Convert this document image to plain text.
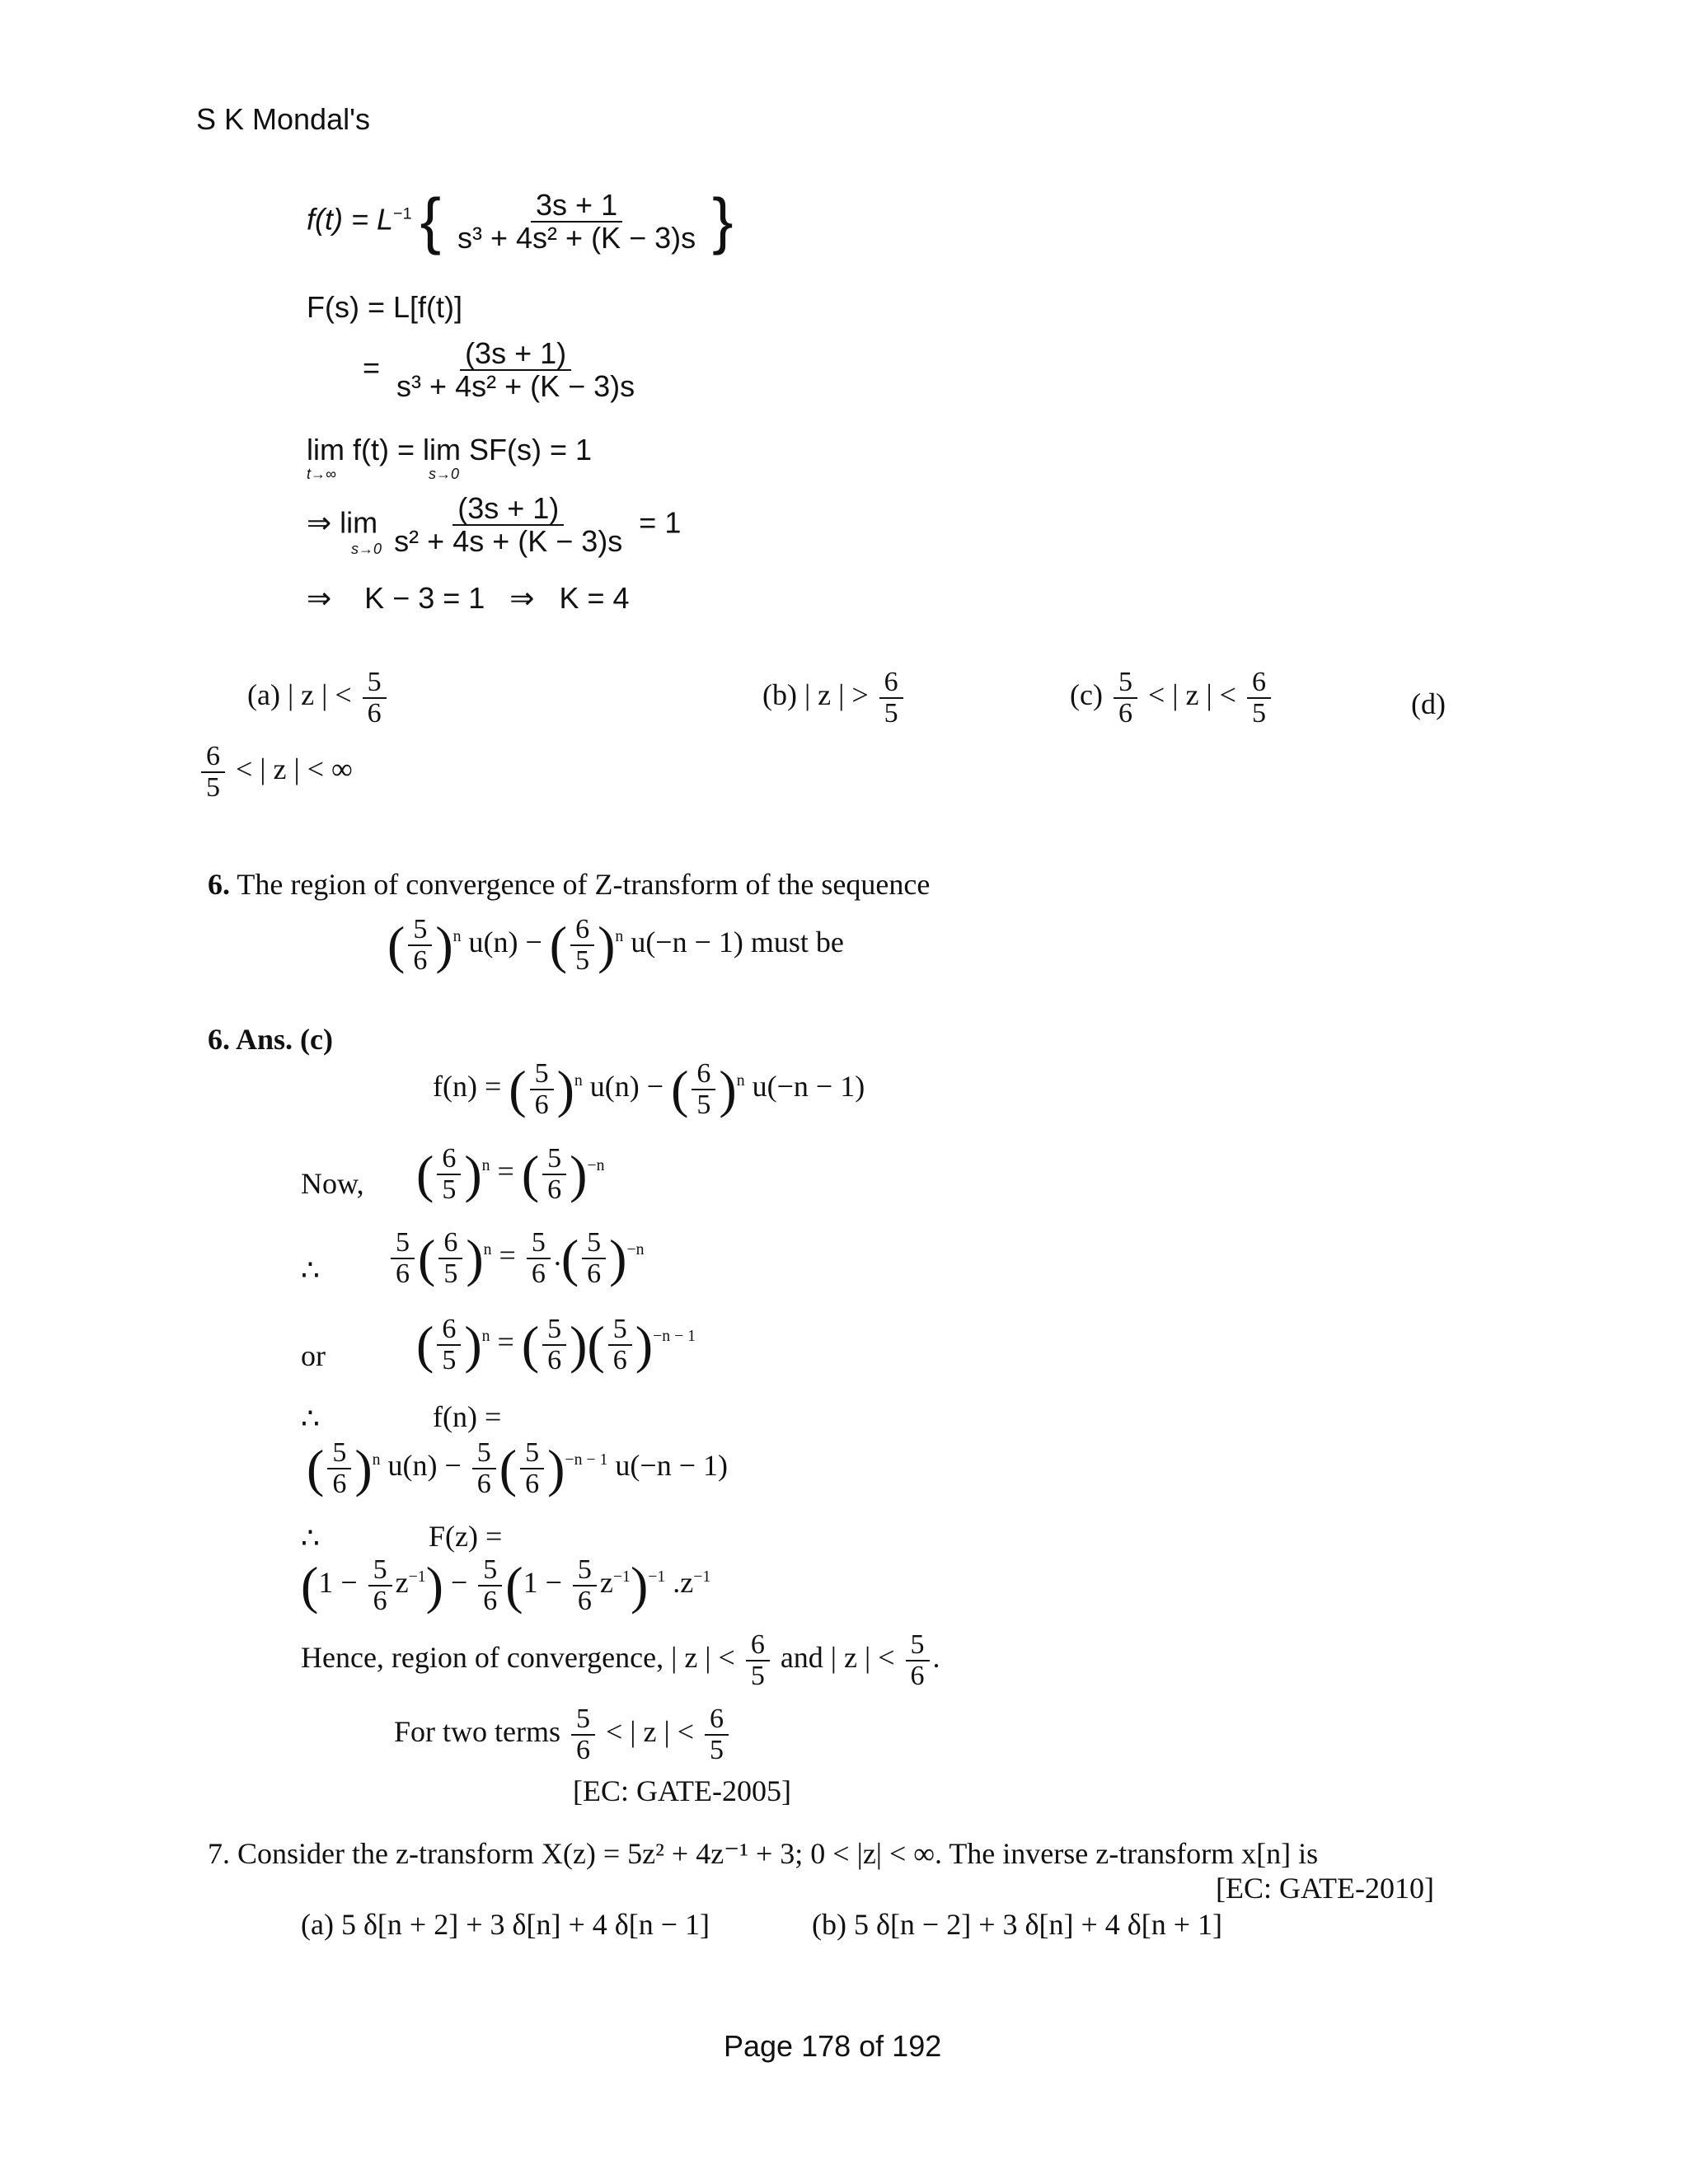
S K Mondal's
$f(t) = L^{-1}$ { $\frac{3s + 1}{\text{s³ + 4s² + (K − 3)s}}$ }
F(s) = L[f(t)]
= $\frac{(3s + 1)}{\text{s³ + 4s² + (K − 3)s}}$
lim f(t) = lim SF(s) = 1
t→∞	s→0
⇒ $\lim \frac{(3s + 1)}{\text{s² + 4s + (K − 3)s}} = 1$
s→0
⇒    K − 3 = 1   ⇒   K = 4
(a) | z | < $\frac{5}{6}$	(b) | z | > $\frac{6}{5}$	$(c) \frac{5}{6}$ < | z | < $\frac{6}{5}$	(d)
$\frac{6}{5}$ < | z | < ∞
6. The region of convergence of Z-transform of the sequence
( $\frac{5}{6} )^n$ u(n) − ( $\frac{6}{5} )^n$ u(−n − 1) must be
6. Ans. (c)
f(n) = ( $\frac{5}{6} )^n$ u(n) − ( $\frac{6}{5} )^n$ u(−n − 1)
Now, ( $\frac{6}{5} )^n$ = ( $\frac{5}{6} )^{-n}$
∴	$\frac{5}{6}$ ( $\frac{6}{5} )^n = \frac{5}{6}$ .( $\frac{5}{6} )^{-n}$
or ( $\frac{6}{5} )^n$ = ( $\frac{5}{6}$ )( $\frac{5}{6} )^{-n - 1}$
∴	f(n) =
( $\frac{5}{6} )^n$ $u(n) - \frac{5}{6}$ ( $\frac{5}{6} )^{-n - 1}$ u(−n − 1)
∴	F(z) =
$(1 - \frac{5}{6} z^{-1}) - \frac{5}{6} (1 - \frac{5}{6} z^{-1})^{-1}$ $.z^{-1}$
Hence, region of convergence, | z | < $\frac{6}{5}$ and | z | < $\frac{5}{6}$ .
For two terms $\frac{5}{6}$ < | z | < $\frac{6}{5}$
[EC: GATE-2005]
7. Consider the z-transform X(z) = 5z² + 4z⁻¹ + 3; 0 < |z| < ∞. The inverse z-transform x[n] is
[EC: GATE-2010]
(a) 5 δ[n + 2] + 3 δ[n] + 4 δ[n − 1]	(b) 5 δ[n − 2] + 3 δ[n] + 4 δ[n + 1]
Page 178 of 192
